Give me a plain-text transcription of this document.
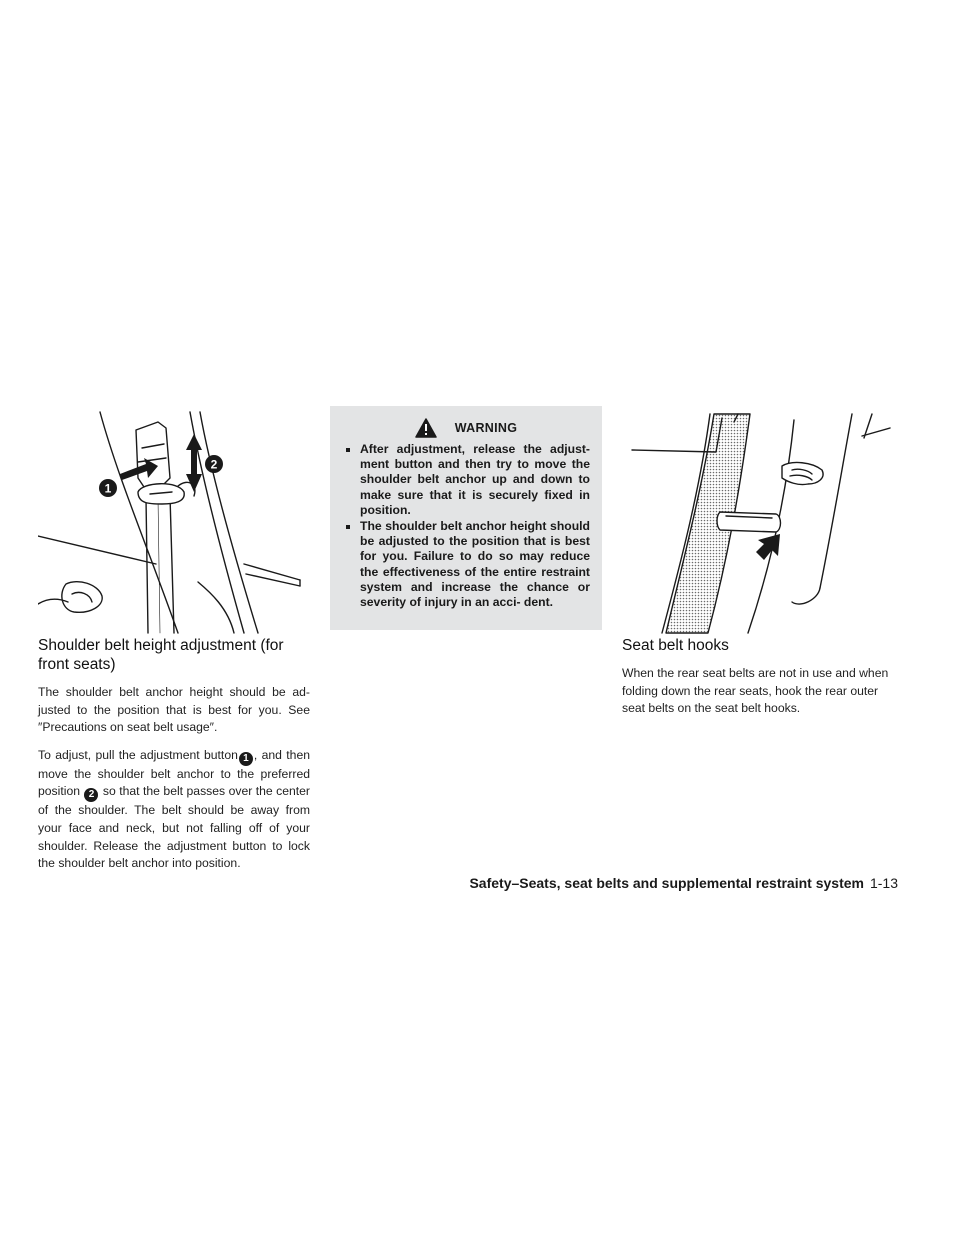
1
2
Shoulder belt height adjustment (for front seats)

The shoulder belt anchor height should be ad- justed to the position that is best for you. See ″Precautions on seat belt usage″.

To adjust, pull the adjustment button 1 , and then move the shoulder belt anchor to the preferred position 2 so that the belt passes over the center of the shoulder. The belt should be away from your face and neck, but not falling off of your shoulder. Release the adjustment button to lock the shoulder belt anchor into position.

WARNING
After adjustment, release the adjust- ment button and then try to move the shoulder belt anchor up and down to make sure that it is securely fixed in position.
The shoulder belt anchor height should be adjusted to the position that is best for you. Failure to do so may reduce the effectiveness of the entire restraint system and increase the chance or severity of injury in an acci- dent.
Seat belt hooks

When the rear seat belts are not in use and when folding down the rear seats, hook the rear outer seat belts on the seat belt hooks.

Safety–Seats, seat belts and supplemental restraint system 1-13
